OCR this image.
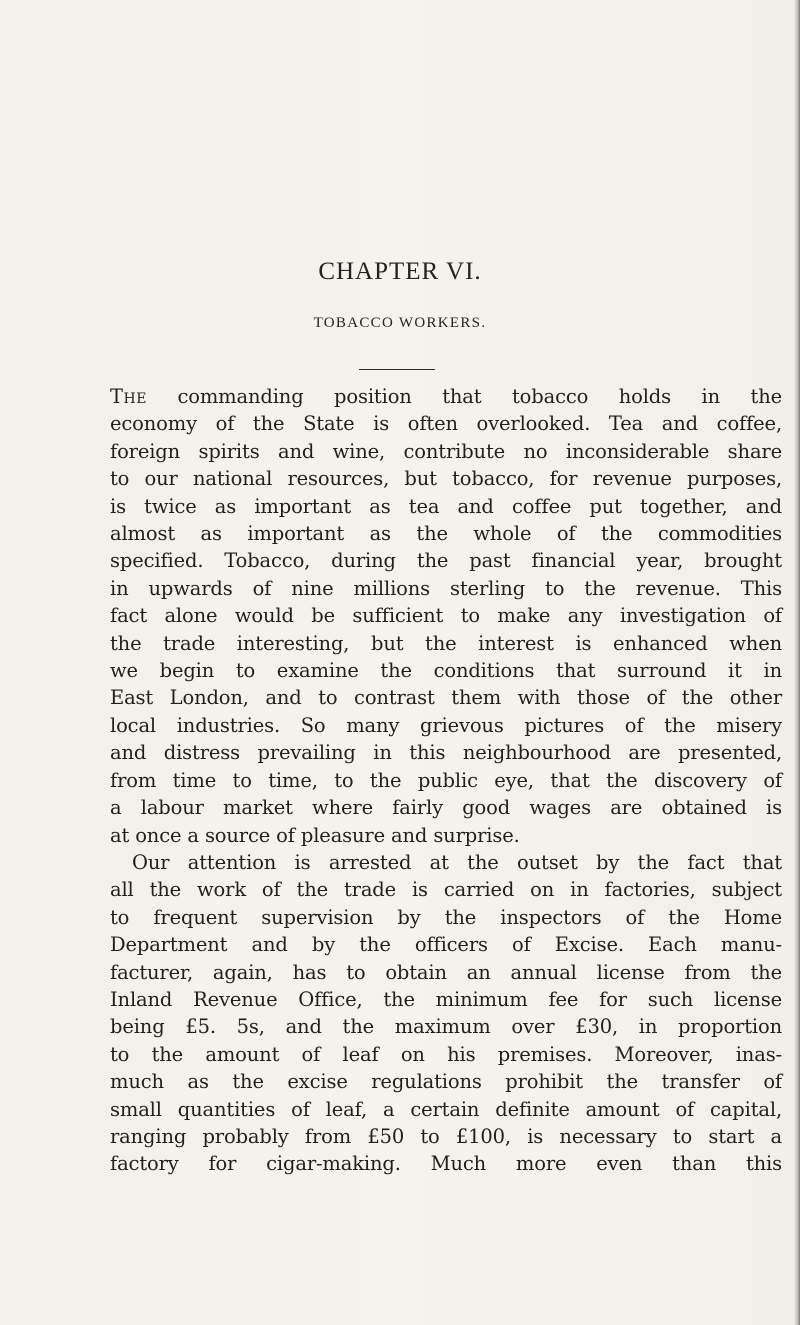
CHAPTER VI.
TOBACCO WORKERS.
The commanding position that tobacco holds in the
economy of the State is often overlooked. Tea and coffee,
foreign spirits and wine, contribute no inconsiderable share
to our national resources, but tobacco, for revenue purposes,
is twice as important as tea and coffee put together, and
almost as important as the whole of the commodities
specified. Tobacco, during the past financial year, brought
in upwards of nine millions sterling to the revenue. This
fact alone would be sufficient to make any investigation of
the trade interesting, but the interest is enhanced when
we begin to examine the conditions that surround it in
East London, and to contrast them with those of the other
local industries. So many grievous pictures of the misery
and distress prevailing in this neighbourhood are presented,
from time to time, to the public eye, that the discovery of
a labour market where fairly good wages are obtained is
at once a source of pleasure and surprise.
Our attention is arrested at the outset by the fact that
all the work of the trade is carried on in factories, subject
to frequent supervision by the inspectors of the Home
Department and by the officers of Excise. Each manu-
facturer, again, has to obtain an annual license from the
Inland Revenue Office, the minimum fee for such license
being £5. 5s, and the maximum over £30, in proportion
to the amount of leaf on his premises. Moreover, inas-
much as the excise regulations prohibit the transfer of
small quantities of leaf, a certain definite amount of capital,
ranging probably from £50 to £100, is necessary to start a
factory for cigar-making. Much more even than this
